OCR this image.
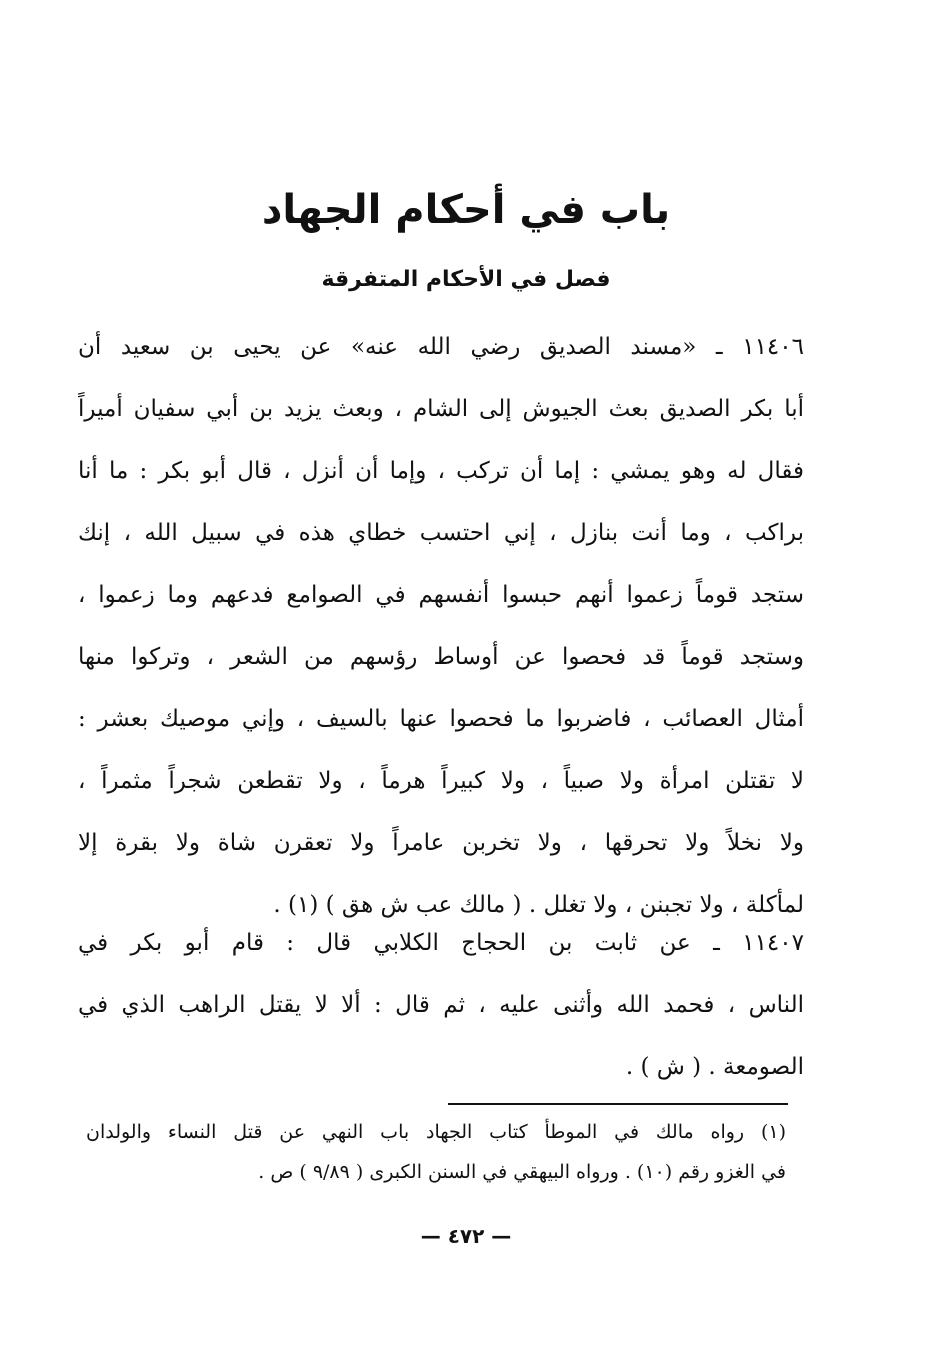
باب في أحكام الجهاد
فصل في الأحكام المتفرقة
١١٤٠٦ ـ «مسند الصديق رضي الله عنه» عن يحيى بن سعيد أن
أبا بكر الصديق بعث الجيوش إلى الشام ، وبعث يزيد بن أبي سفيان أميراً
فقال له وهو يمشي : إما أن تركب ، وإما أن أنزل ، قال أبو بكر : ما أنا
براكب ، وما أنت بنازل ، إني احتسب خطاي هذه في سبيل الله ، إنك
ستجد قوماً زعموا أنهم حبسوا أنفسهم في الصوامع فدعهم وما زعموا ،
وستجد قوماً قد فحصوا عن أوساط رؤسهم من الشعر ، وتركوا منها
أمثال العصائب ، فاضربوا ما فحصوا عنها بالسيف ، وإني موصيك بعشر :
لا تقتلن امرأة ولا صبياً ، ولا كبيراً هرماً ، ولا تقطعن شجراً مثمراً ،
ولا نخلاً ولا تحرقها ، ولا تخربن عامراً ولا تعقرن شاة ولا بقرة إلا
لمأكلة ، ولا تجبنن ، ولا تغلل . ( مالك عب ش هق ) (١) .
١١٤٠٧ ـ عن ثابت بن الحجاج الكلابي قال : قام أبو بكر في
الناس ، فحمد الله وأثنى عليه ، ثم قال : ألا لا يقتل الراهب الذي في
الصومعة . ( ش ) .
(١) رواه مالك في الموطأ كتاب الجهاد باب النهي عن قتل النساء والولدان
في الغزو رقم (١٠) . ورواه البيهقي في السنن الكبرى ( ٩/٨٩ ) ص .
— ٤٧٢ —
